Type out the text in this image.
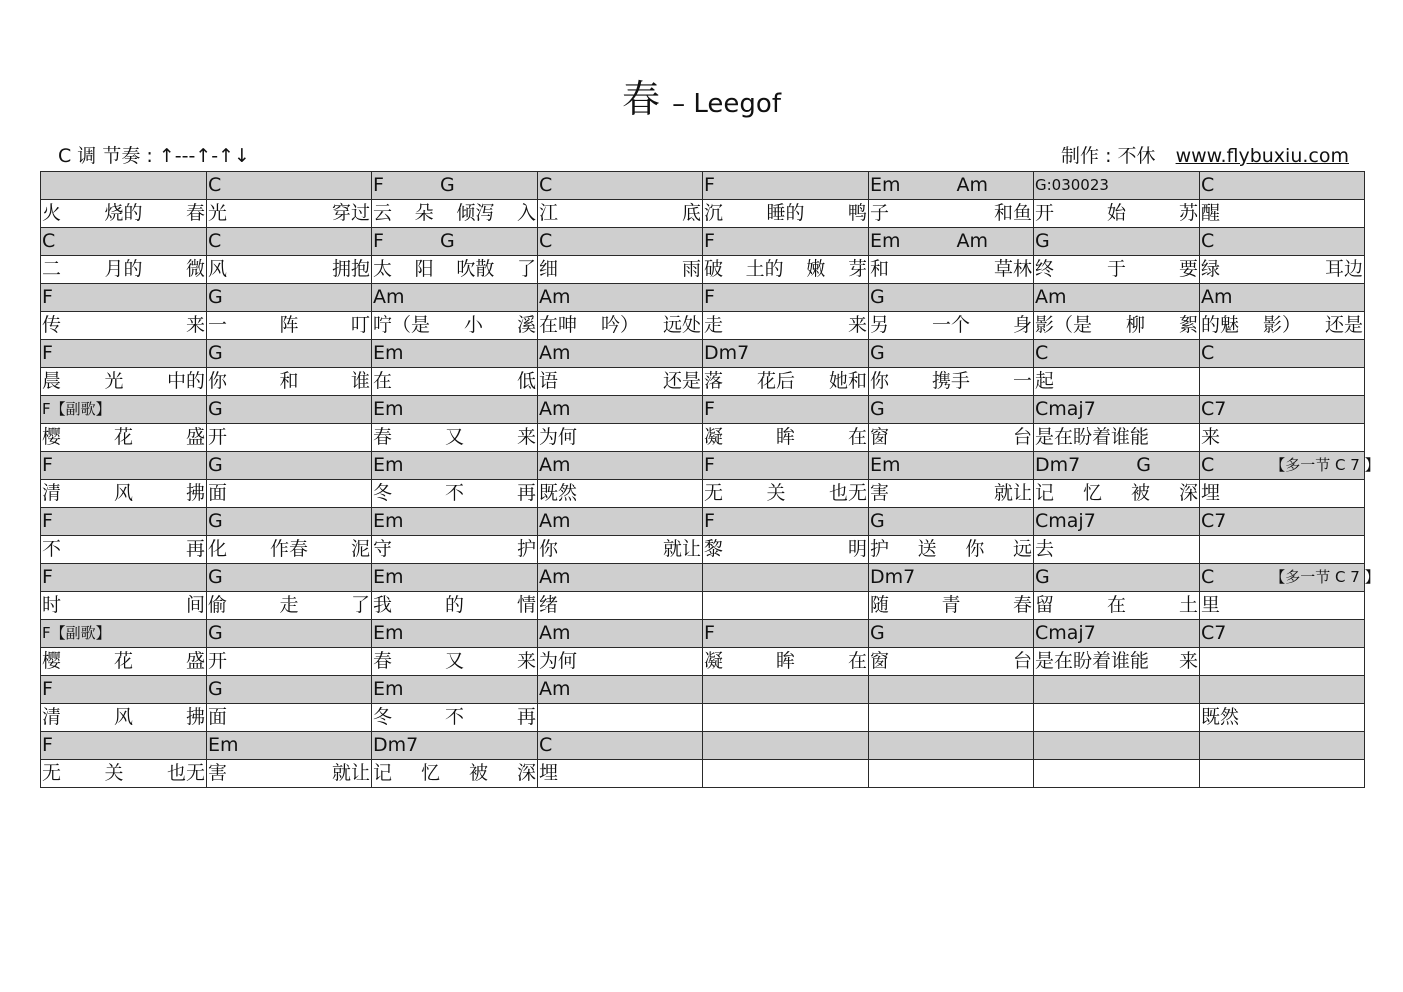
春 – Leegof
C 调 节奏 : ↑---↑-↑↓	制作 : 不休 www.flybuxiu.com

	C	F G	C	F	Em Am	G:030023	C

火 烧的 春	光 穿过	云 朵 倾泻 入	江 底	沉 睡的 鸭	子 和鱼	开 始 苏	醒

C	C	F G	C	F	Em Am	G	C

二 月的 微	风 拥抱	太 阳 吹散 了	细 雨	破 土的 嫩 芽	和 草林	终 于 要	绿 耳边

F	G	Am	Am	F	G	Am	Am

传 来	一 阵 叮	咛（是 小 溪	在呻 吟） 远处	走 来	另 一个 身	影（是 柳 絮	的魅 影） 还是

F	G	Em	Am	Dm7	G	C	C

晨 光 中的	你 和 谁	在 低	语 还是	落 花后 她和	你 携手 一	起	

F【副歌】	G	Em	Am	F	G	Cmaj7	C7

樱 花 盛	开	春 又 来	为何	凝 眸 在	窗 台	是在盼着谁能	来

F	G	Em	Am	F	Em	Dm7 G	C 【多一节 C 7 】

清 风 拂	面	冬 不 再	既然	无 关 也无	害 就让	记 忆 被 深	埋

F	G	Em	Am	F	G	Cmaj7	C7

不 再	化 作春 泥	守 护	你 就让	黎 明	护 送 你 远	去	

F	G	Em	Am		Dm7	G	C 【多一节 C 7 】

时 间	偷 走 了	我 的 情	绪		随 青 春	留 在 土	里

F【副歌】	G	Em	Am	F	G	Cmaj7	C7

樱 花 盛	开	春 又 来	为何	凝 眸 在	窗 台	是在盼着谁能 来	

F	G	Em	Am				

清 风 拂	面	冬 不 再					既然

F	Em	Dm7	C				

无 关 也无	害 就让	记 忆 被 深	埋				
